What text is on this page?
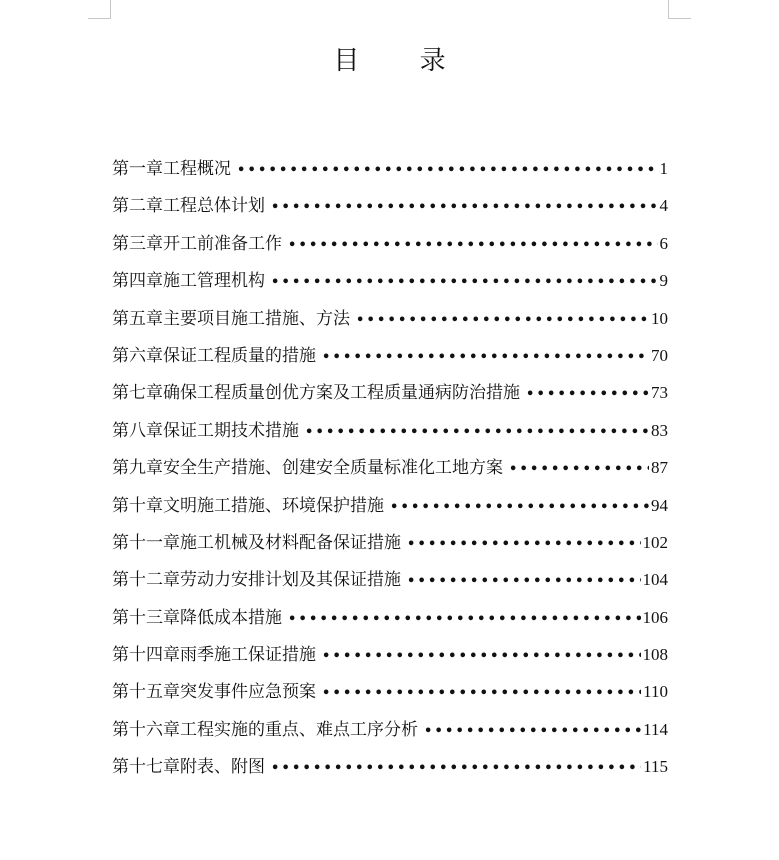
目 录
第一章工程概况 •••••	1
第二章工程总体计划 •••••	4
第三章开工前准备工作 •••••	6
第四章施工管理机构 •••••	9
第五章主要项目施工措施、方法 •••••	10
第六章保证工程质量的措施 •••••	70
第七章确保工程质量创优方案及工程质量通病防治措施 •••••	73
第八章保证工期技术措施 •••••	83
第九章安全生产措施、创建安全质量标准化工地方案 •••••	87
第十章文明施工措施、环境保护措施 •••••	94
第十一章施工机械及材料配备保证措施 •••••	102
第十二章劳动力安排计划及其保证措施 •••••	104
第十三章降低成本措施 •••••	106
第十四章雨季施工保证措施 •••••	108
第十五章突发事件应急预案 •••••	110
第十六章工程实施的重点、难点工序分析 •••••	114
第十七章附表、附图 •••••	115
